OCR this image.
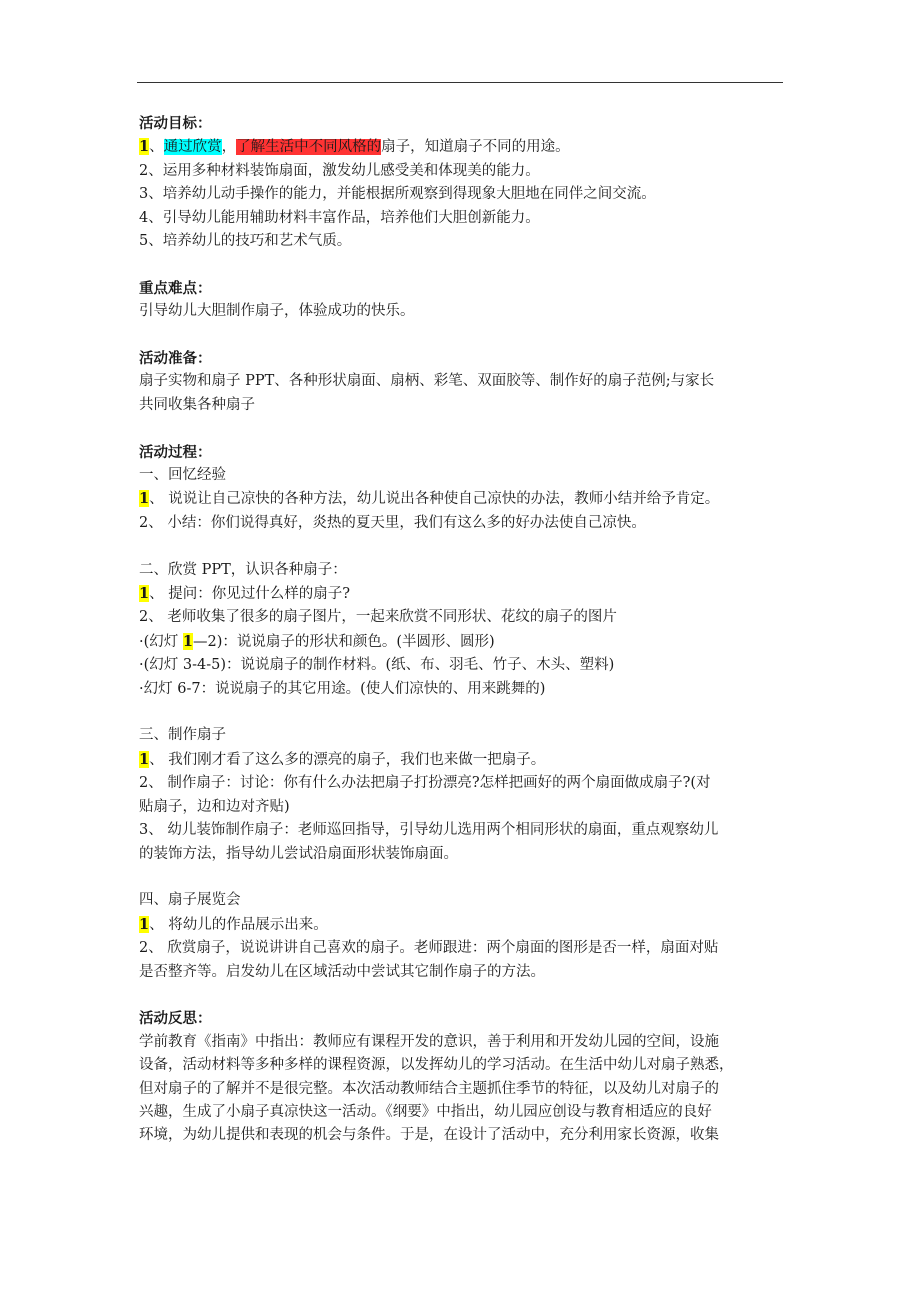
活动目标：
1、通过欣赏，了解生活中不同风格的扇子，知道扇子不同的用途。
2、运用多种材料装饰扇面，激发幼儿感受美和体现美的能力。
3、培养幼儿动手操作的能力，并能根据所观察到得现象大胆地在同伴之间交流。
4、引导幼儿能用辅助材料丰富作品，培养他们大胆创新能力。
5、培养幼儿的技巧和艺术气质。
重点难点：
引导幼儿大胆制作扇子，体验成功的快乐。
活动准备：
扇子实物和扇子 PPT、各种形状扇面、扇柄、彩笔、双面胶等、制作好的扇子范例;与家长
共同收集各种扇子
活动过程：
一、回忆经验
1、 说说让自己凉快的各种方法，幼儿说出各种使自己凉快的办法，教师小结并给予肯定。
2、 小结：你们说得真好，炎热的夏天里，我们有这么多的好办法使自己凉快。
二、欣赏 PPT，认识各种扇子：
1、 提问：你见过什么样的扇子?
2、 老师收集了很多的扇子图片，一起来欣赏不同形状、花纹的扇子的图片
·(幻灯 1—2)：说说扇子的形状和颜色。(半圆形、圆形)
·(幻灯 3-4-5)：说说扇子的制作材料。(纸、布、羽毛、竹子、木头、塑料)
·幻灯 6-7：说说扇子的其它用途。(使人们凉快的、用来跳舞的)
三、制作扇子
1、 我们刚才看了这么多的漂亮的扇子，我们也来做一把扇子。
2、 制作扇子：讨论：你有什么办法把扇子打扮漂亮?怎样把画好的两个扇面做成扇子?(对
贴扇子，边和边对齐贴)
3、 幼儿装饰制作扇子：老师巡回指导，引导幼儿选用两个相同形状的扇面，重点观察幼儿
的装饰方法，指导幼儿尝试沿扇面形状装饰扇面。
四、扇子展览会
1、 将幼儿的作品展示出来。
2、 欣赏扇子，说说讲讲自己喜欢的扇子。老师跟进：两个扇面的图形是否一样，扇面对贴
是否整齐等。启发幼儿在区域活动中尝试其它制作扇子的方法。
活动反思：
学前教育《指南》中指出：教师应有课程开发的意识，善于利用和开发幼儿园的空间，设施
设备，活动材料等多种多样的课程资源，以发挥幼儿的学习活动。在生活中幼儿对扇子熟悉，
但对扇子的了解并不是很完整。本次活动教师结合主题抓住季节的特征，以及幼儿对扇子的
兴趣，生成了小扇子真凉快这一活动。《纲要》中指出，幼儿园应创设与教育相适应的良好
环境，为幼儿提供和表现的机会与条件。于是，在设计了活动中，充分利用家长资源，收集
